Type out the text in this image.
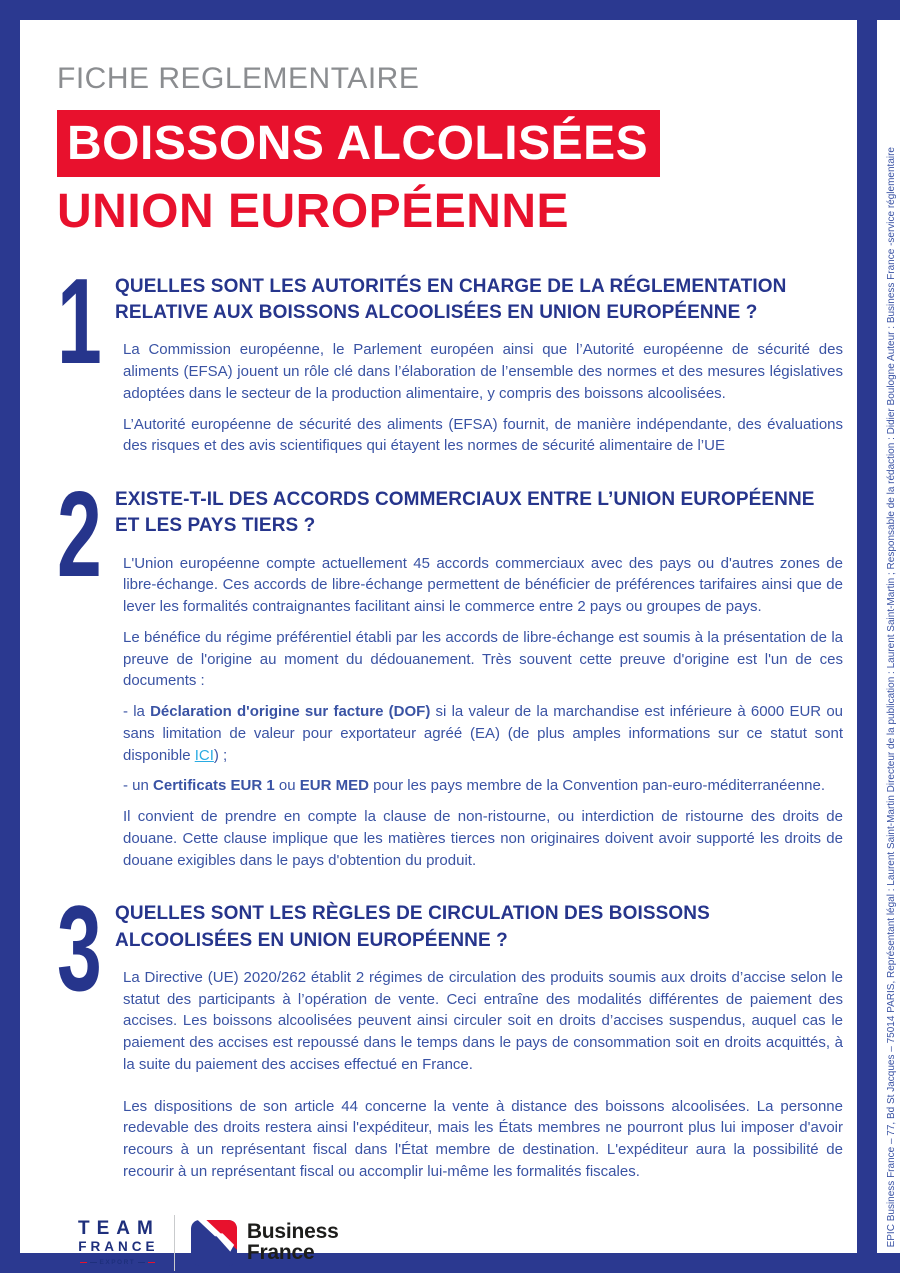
EPIC Business France – 77, Bd St Jacques – 75014 PARIS, Représentant légal : Laurent Saint-Martin Directeur de la publication : Laurent Saint-Martin ; Responsable de la rédaction : Didier Boulogne Auteur : Business France -service réglementaire
FICHE REGLEMENTAIRE
BOISSONS ALCOLISÉES
UNION EUROPÉENNE
1 QUELLES SONT LES AUTORITÉS EN CHARGE DE LA RÉGLEMENTATION RELATIVE AUX BOISSONS ALCOOLISÉES EN UNION EUROPÉENNE ?

La Commission européenne, le Parlement européen ainsi que l’Autorité européenne de sécurité des aliments (EFSA) jouent un rôle clé dans l’élaboration de l’ensemble des normes et des mesures législatives adoptées dans le secteur de la production alimentaire, y compris des boissons alcoolisées.

L’Autorité européenne de sécurité des aliments (EFSA) fournit, de manière indépendante, des évaluations des risques et des avis scientifiques qui étayent les normes de sécurité alimentaire de l’UE

2 EXISTE-T-IL DES ACCORDS COMMERCIAUX ENTRE L’UNION EUROPÉENNE ET LES PAYS TIERS ?

L'Union européenne compte actuellement 45 accords commerciaux avec des pays ou d'autres zones de libre-échange. Ces accords de libre-échange permettent de bénéficier de préférences tarifaires ainsi que de lever les formalités contraignantes facilitant ainsi le commerce entre 2 pays ou groupes de pays.

Le bénéfice du régime préférentiel établi par les accords de libre-échange est soumis à la présentation de la preuve de l'origine au moment du dédouanement. Très souvent cette preuve d'origine est l'un de ces documents :

- la Déclaration d'origine sur facture (DOF) si la valeur de la marchandise est inférieure à 6000 EUR ou sans limitation de valeur pour exportateur agréé (EA) (de plus amples informations sur ce statut sont disponible ICI) ;

- un Certificats EUR 1 ou EUR MED pour les pays membre de la Convention pan-euro-méditerranéenne.

Il convient de prendre en compte la clause de non-ristourne, ou interdiction de ristourne des droits de douane. Cette clause implique que les matières tierces non originaires doivent avoir supporté les droits de douane exigibles dans le pays d'obtention du produit.

3 QUELLES SONT LES RÈGLES DE CIRCULATION DES BOISSONS ALCOOLISÉES EN UNION EUROPÉENNE ?

La Directive (UE) 2020/262 établit 2 régimes de circulation des produits soumis aux droits d’accise selon le statut des participants à l’opération de vente. Ceci entraîne des modalités différentes de paiement des accises. Les boissons alcoolisées peuvent ainsi circuler soit en droits d’accises suspendus, auquel cas le paiement des accises est repoussé dans le temps dans le pays de consommation soit en droits acquittés, à la suite du paiement des accises effectué en France.

Les dispositions de son article 44 concerne la vente à distance des boissons alcoolisées. La personne redevable des droits restera ainsi l'expéditeur, mais les États membres ne pourront plus lui imposer d'avoir recours à un représentant fiscal dans l'État membre de destination. L'expéditeur aura la possibilité de recourir à un représentant fiscal ou accomplir lui-même les formalités fiscales.

TEAM
FRANCE
EXPORT
Business
France
